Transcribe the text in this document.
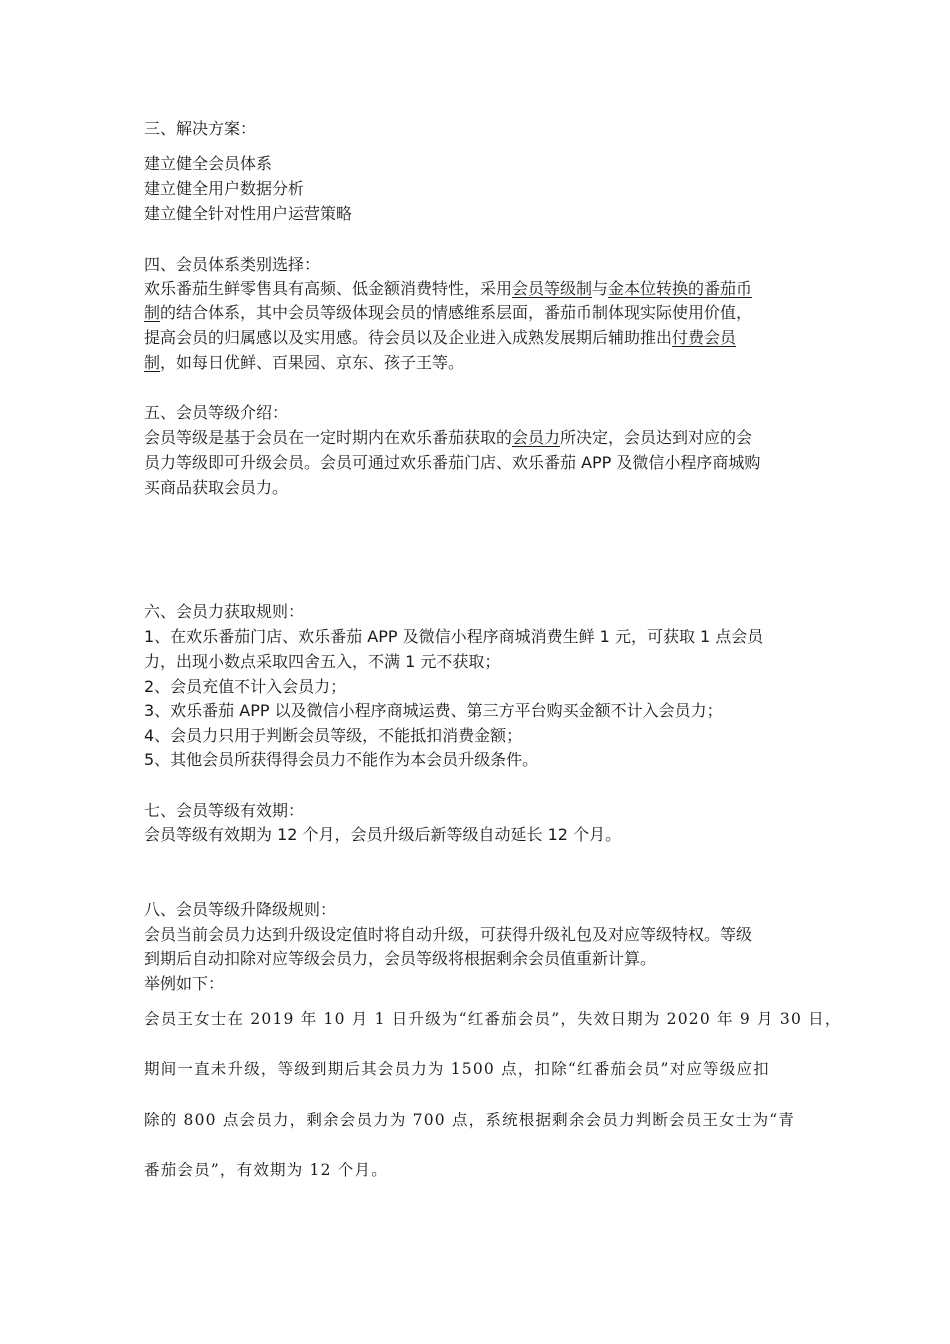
三、解决方案：
建立健全会员体系
建立健全用户数据分析
建立健全针对性用户运营策略
四、会员体系类别选择：
欢乐番茄生鲜零售具有高频、低金额消费特性，采用会员等级制与金本位转换的番茄币
制的结合体系，其中会员等级体现会员的情感维系层面，番茄币制体现实际使用价值，
提高会员的归属感以及实用感。待会员以及企业进入成熟发展期后辅助推出付费会员
制，如每日优鲜、百果园、京东、孩子王等。
五、会员等级介绍：
会员等级是基于会员在一定时期内在欢乐番茄获取的会员力所决定，会员达到对应的会
员力等级即可升级会员。会员可通过欢乐番茄门店、欢乐番茄 APP 及微信小程序商城购
买商品获取会员力。
六、会员力获取规则：
1、在欢乐番茄门店、欢乐番茄 APP 及微信小程序商城消费生鲜 1 元，可获取 1 点会员
力，出现小数点采取四舍五入，不满 1 元不获取；
2、会员充值不计入会员力；
3、欢乐番茄 APP 以及微信小程序商城运费、第三方平台购买金额不计入会员力；
4、会员力只用于判断会员等级，不能抵扣消费金额；
5、其他会员所获得得会员力不能作为本会员升级条件。
七、会员等级有效期：
会员等级有效期为 12 个月，会员升级后新等级自动延长 12 个月。
八、会员等级升降级规则：
会员当前会员力达到升级设定值时将自动升级，可获得升级礼包及对应等级特权。等级
到期后自动扣除对应等级会员力，会员等级将根据剩余会员值重新计算。
举例如下：
会员王女士在 2019 年 10 月 1 日升级为“红番茄会员”，失效日期为 2020 年 9 月 30 日，
期间一直未升级，等级到期后其会员力为 1500 点，扣除“红番茄会员”对应等级应扣
除的 800 点会员力，剩余会员力为 700 点，系统根据剩余会员力判断会员王女士为“青
番茄会员”，有效期为 12 个月。
